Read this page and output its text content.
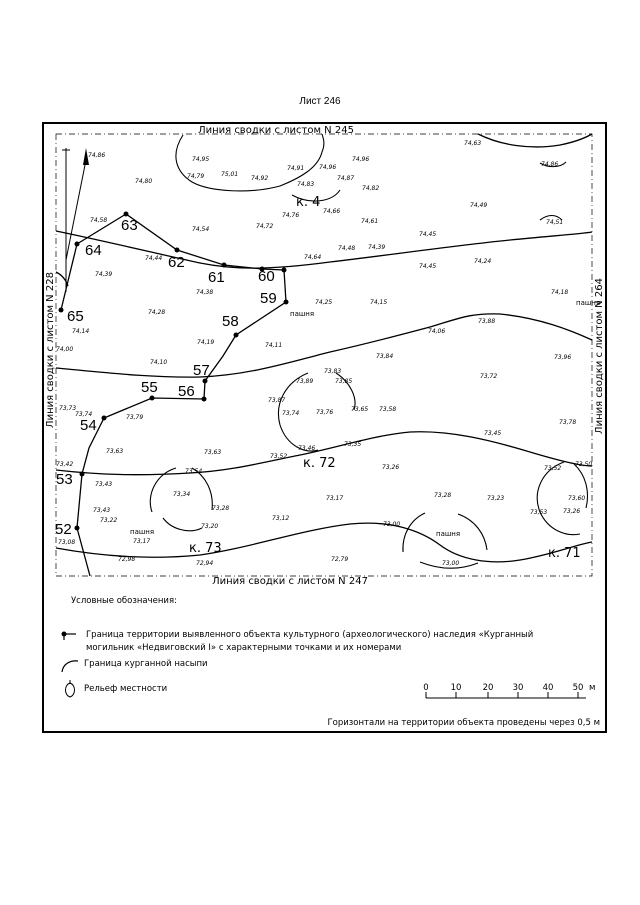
Лист 246
Линия сводки с листом N 245
Линия сводки с листом N 247
Линия сводки с листом N 228	Линия сводки с листом N 264
к. 4
к. 72
к. 73	к. 71
пашня
пашня
пашня
пашня
55 56
57
58
59
60
61
62
63
64
65
54
53
52
74,86
74,80
74,58
74,39
74,14
74,00
74,28
74,44
74,54
74,38
74,19
74,10
74,95
74,79	75,01
74,92
74,91 74,96
74,96
74,87
74,83
74,82
74,76
74,72
74,66
74,61
74,64
74,48 74,39
74,45
74,45
74,24
74,49
74,63
74,86
74,51
74,18
74,25	74,15
74,11
74,06
73,88
73,84	73,96
73,72
73,83
73,89	73,85
73,87
73,74	73,76	73,65 73,58
73,79
73,74
73,73
73,78
73,46
73,35
73,45
73,63	73,63
73,52
73,54
73,43
73,34
73,28
73,26
73,42
73,43
73,22
73,17
73,20
73,12
73,17	73,28	73,23
73,52
73,50
73,53
73,60
73,26
73,00
73,08
72,98
72,94
72,79
73,00
Условные обозначения:
Граница территории выявленного объекта культурного (археологического) наследия «Курганный
могильник «Недвиговский I» с характерными точками и их номерами
Граница курганной насыпи
Рельеф местности	0	10 20 30 40 50 м
Горизонтали на территории объекта проведены через 0,5 м
